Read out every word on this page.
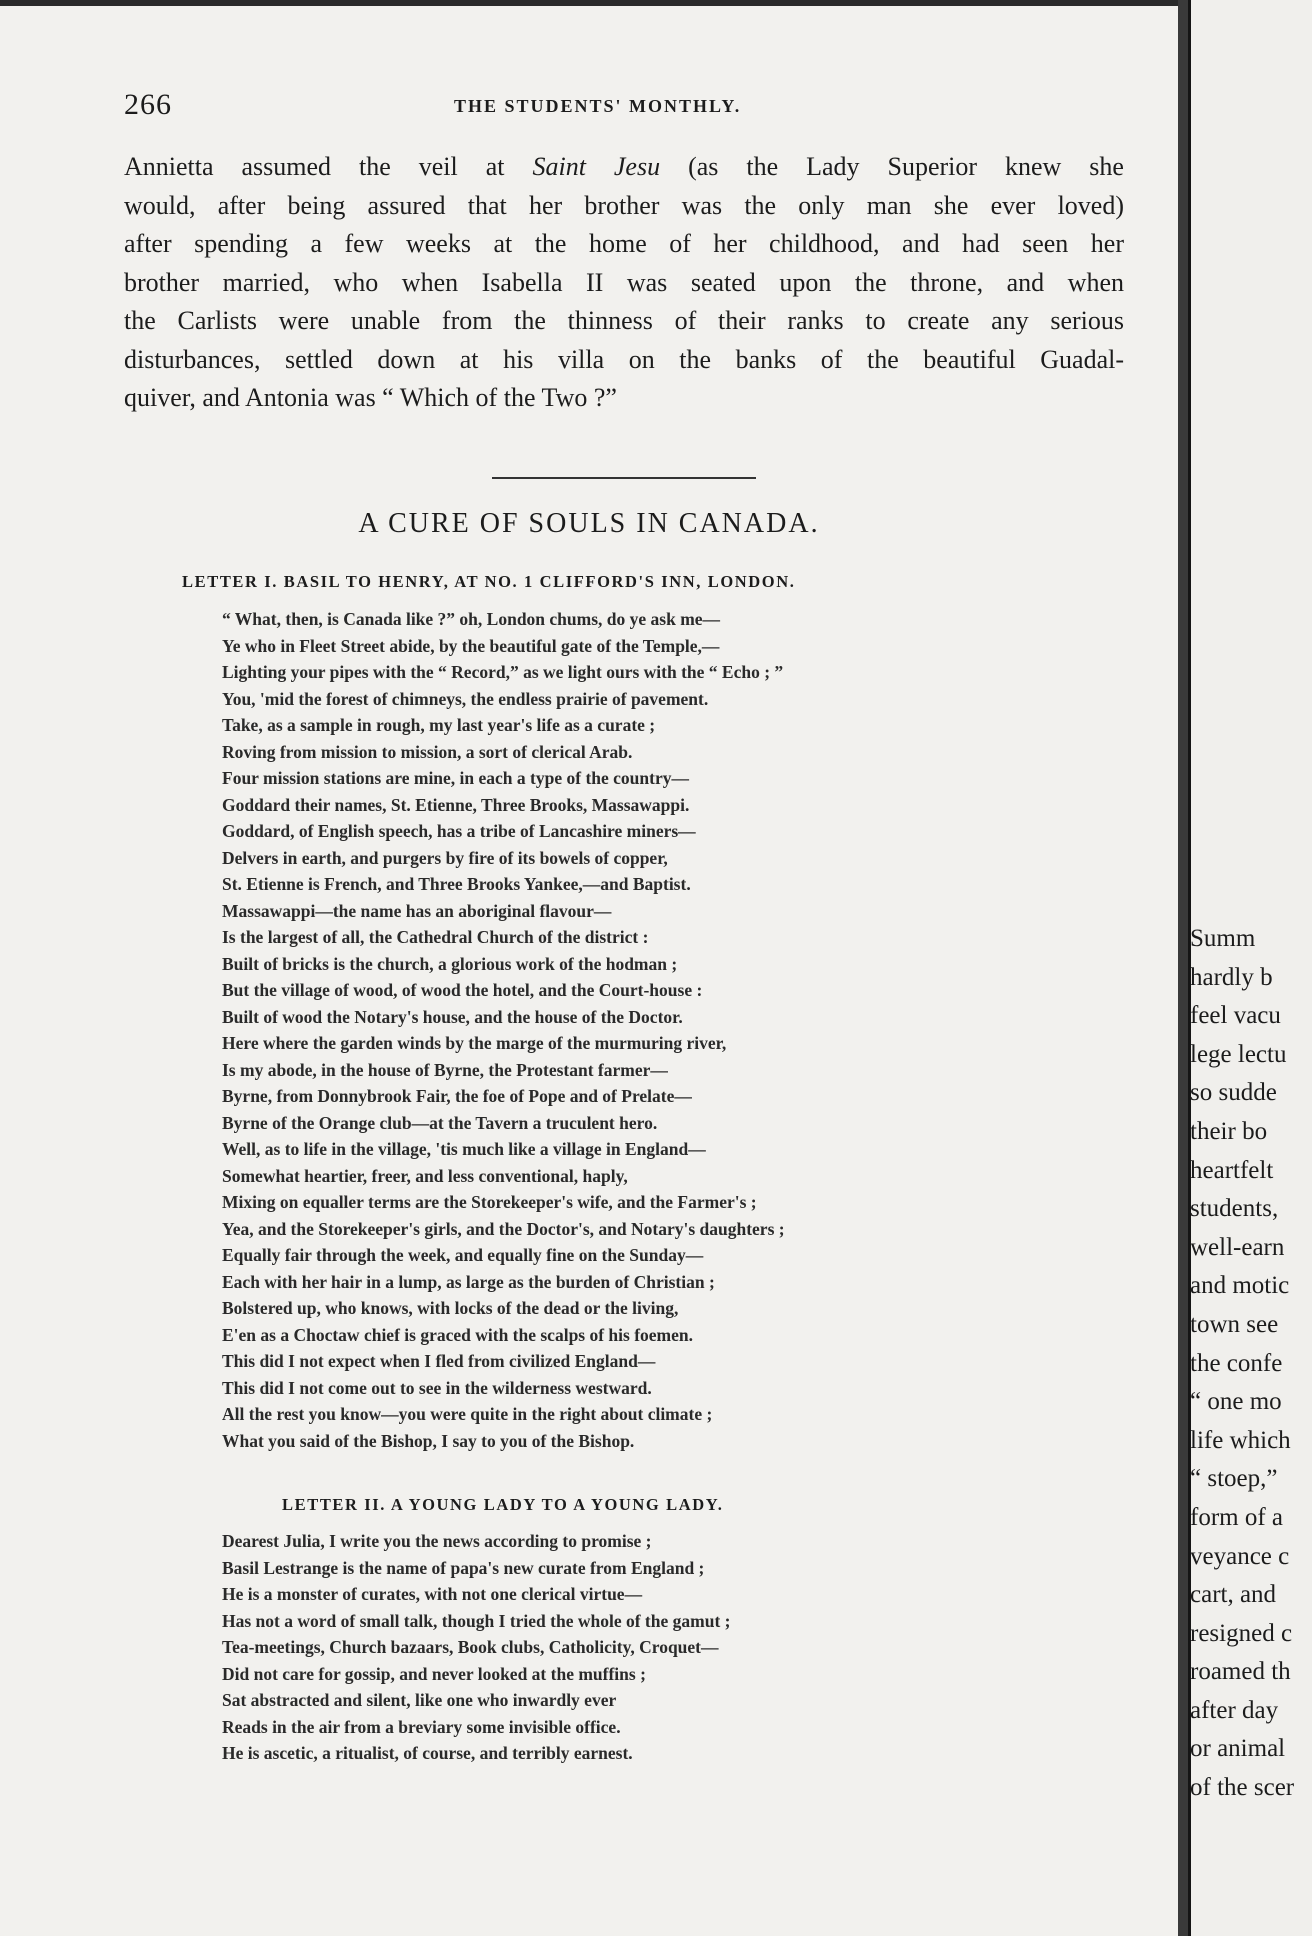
266	THE STUDENTS' MONTHLY.
Annietta assumed the veil at Saint Jesu (as the Lady Superior knew she
would, after being assured that her brother was the only man she ever loved)
after spending a few weeks at the home of her childhood, and had seen her
brother married, who when Isabella II was seated upon the throne, and when
the Carlists were unable from the thinness of their ranks to create any serious
disturbances, settled down at his villa on the banks of the beautiful Guadal-
quiver, and Antonia was “ Which of the Two ?”
A CURE OF SOULS IN CANADA.
LETTER I. BASIL TO HENRY, AT NO. 1 CLIFFORD'S INN, LONDON.
“ What, then, is Canada like ?” oh, London chums, do ye ask me—
Ye who in Fleet Street abide, by the beautiful gate of the Temple,—
Lighting your pipes with the “ Record,” as we light ours with the “ Echo ; ”
You, 'mid the forest of chimneys, the endless prairie of pavement.
Take, as a sample in rough, my last year's life as a curate ;
Roving from mission to mission, a sort of clerical Arab.
Four mission stations are mine, in each a type of the country—
Goddard their names, St. Etienne, Three Brooks, Massawappi.
Goddard, of English speech, has a tribe of Lancashire miners—
Delvers in earth, and purgers by fire of its bowels of copper,
St. Etienne is French, and Three Brooks Yankee,—and Baptist.
Massawappi—the name has an aboriginal flavour—
Is the largest of all, the Cathedral Church of the district :
Built of bricks is the church, a glorious work of the hodman ;
But the village of wood, of wood the hotel, and the Court-house :
Built of wood the Notary's house, and the house of the Doctor.
Here where the garden winds by the marge of the murmuring river,
Is my abode, in the house of Byrne, the Protestant farmer—
Byrne, from Donnybrook Fair, the foe of Pope and of Prelate—
Byrne of the Orange club—at the Tavern a truculent hero.
Well, as to life in the village, 'tis much like a village in England—
Somewhat heartier, freer, and less conventional, haply,
Mixing on equaller terms are the Storekeeper's wife, and the Farmer's ;
Yea, and the Storekeeper's girls, and the Doctor's, and Notary's daughters ;
Equally fair through the week, and equally fine on the Sunday—
Each with her hair in a lump, as large as the burden of Christian ;
Bolstered up, who knows, with locks of the dead or the living,
E'en as a Choctaw chief is graced with the scalps of his foemen.
This did I not expect when I fled from civilized England—
This did I not come out to see in the wilderness westward.
All the rest you know—you were quite in the right about climate ;
What you said of the Bishop, I say to you of the Bishop.
LETTER II. A YOUNG LADY TO A YOUNG LADY.
Dearest Julia, I write you the news according to promise ;
Basil Lestrange is the name of papa's new curate from England ;
He is a monster of curates, with not one clerical virtue—
Has not a word of small talk, though I tried the whole of the gamut ;
Tea-meetings, Church bazaars, Book clubs, Catholicity, Croquet—
Did not care for gossip, and never looked at the muffins ;
Sat abstracted and silent, like one who inwardly ever
Reads in the air from a breviary some invisible office.
He is ascetic, a ritualist, of course, and terribly earnest.
Summ
hardly b
feel vacu
lege lectu
so sudde
their bo
heartfelt
students,
well-earn
and motic
town see
the confe
“ one mo
life which
“ stoep,”
form of a
veyance c
cart, and
resigned c
roamed th
after day
or animal
of the scer
